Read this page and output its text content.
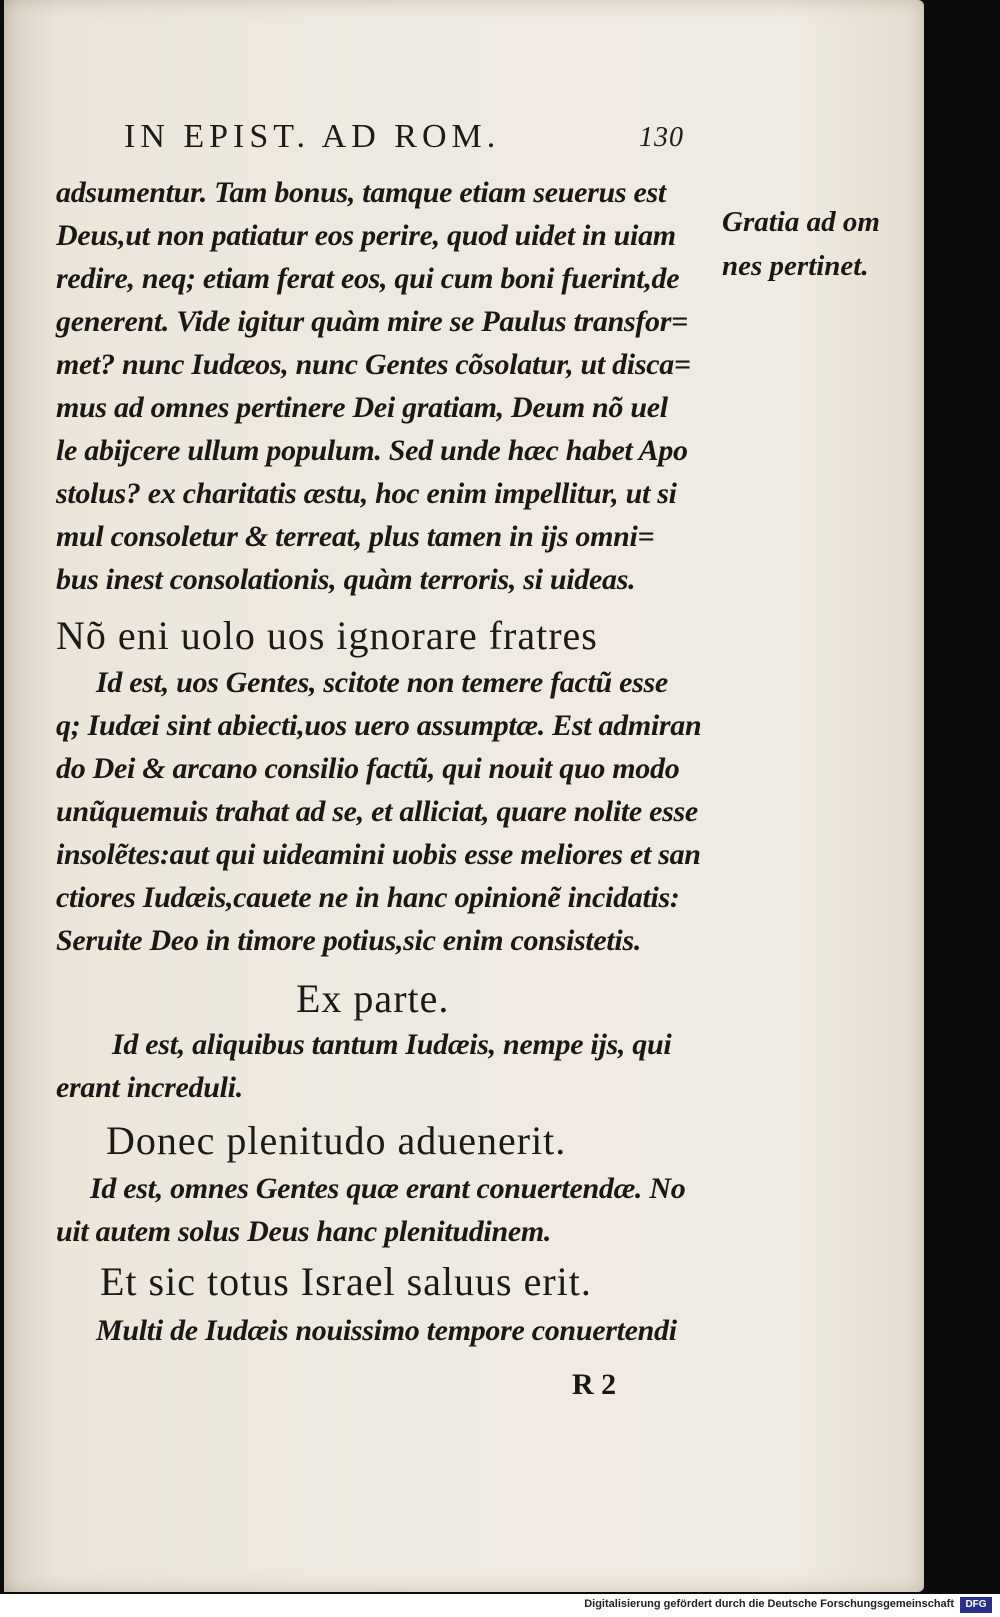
IN EPIST. AD ROM.	130
Gratia ad om
nes pertinet.
adsumentur. Tam bonus, tamque etiam seuerus est
Deus,ut non patiatur eos perire, quod uidet in uiam
redire, neq; etiam ferat eos, qui cum boni fuerint,de
generent. Vide igitur quàm mire se Paulus transfor=
met? nunc Iudæos, nunc Gentes cõsolatur, ut disca=
mus ad omnes pertinere Dei gratiam, Deum nõ uel
le abijcere ullum populum. Sed unde hæc habet Apo
stolus? ex charitatis æstu, hoc enim impellitur, ut si
mul consoletur & terreat, plus tamen in ijs omni=
bus inest consolationis, quàm terroris, si uideas.
Nõ eni uolo uos ignorare fratres
Id est, uos Gentes, scitote non temere factũ esse
q; Iudæi sint abiecti,uos uero assumptæ. Est admiran
do Dei & arcano consilio factũ, qui nouit quo modo
unũquemuis trahat ad se, et alliciat, quare nolite esse
insolẽtes:aut qui uideamini uobis esse meliores et san
ctiores Iudæis,cauete ne in hanc opinionẽ incidatis:
Seruite Deo in timore potius,sic enim consistetis.
Ex parte.
Id est, aliquibus tantum Iudæis, nempe ijs, qui
erant increduli.
Donec plenitudo aduenerit.
Id est, omnes Gentes quæ erant conuertendæ. No
uit autem solus Deus hanc plenitudinem.
Et sic totus Israel saluus erit.
Multi de Iudæis nouissimo tempore conuertendi
R 2
Digitalisierung gefördert durch die Deutsche Forschungsgemeinschaft	DFG
